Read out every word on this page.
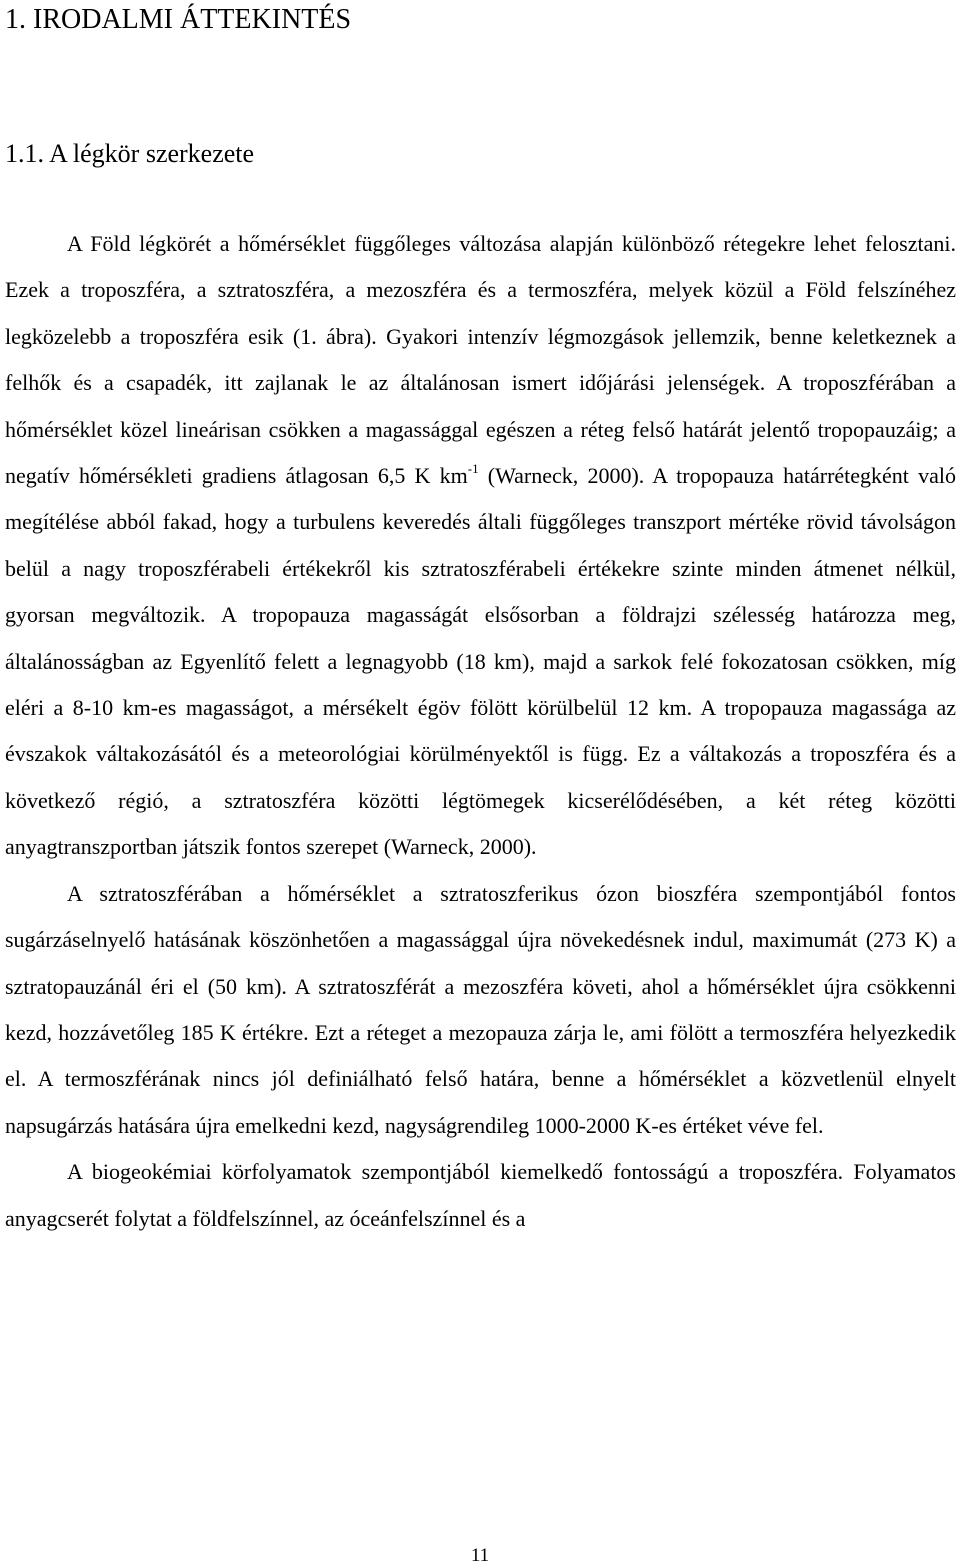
1. IRODALMI ÁTTEKINTÉS
1.1. A légkör szerkezete

A Föld légkörét a hőmérséklet függőleges változása alapján különböző rétegekre lehet felosztani. Ezek a troposzféra, a sztratoszféra, a mezoszféra és a termoszféra, melyek közül a Föld felszínéhez legközelebb a troposzféra esik (1. ábra). Gyakori intenzív légmozgások jellemzik, benne keletkeznek a felhők és a csapadék, itt zajlanak le az általánosan ismert időjárási jelenségek. A troposzférában a hőmérséklet közel lineárisan csökken a magassággal egészen a réteg felső határát jelentő tropopauzáig; a negatív hőmérsékleti gradiens átlagosan 6,5 K $km^{-1}$ (Warneck, 2000). A tropopauza határrétegként való megítélése abból fakad, hogy a turbulens keveredés általi függőleges transzport mértéke rövid távolságon belül a nagy troposzférabeli értékekről kis sztratoszférabeli értékekre szinte minden átmenet nélkül, gyorsan megváltozik. A tropopauza magasságát elsősorban a földrajzi szélesség határozza meg, általánosságban az Egyenlítő felett a legnagyobb (18 km), majd a sarkok felé fokozatosan csökken, míg eléri a 8-10 km-es magasságot, a mérsékelt égöv fölött körülbelül 12 km. A tropopauza magassága az évszakok váltakozásától és a meteorológiai körülményektől is függ. Ez a váltakozás a troposzféra és a következő régió, a sztratoszféra közötti légtömegek kicserélődésében, a két réteg közötti anyagtranszportban játszik fontos szerepet (Warneck, 2000).

A sztratoszférában a hőmérséklet a sztratoszferikus ózon bioszféra szempontjából fontos sugárzáselnyelő hatásának köszönhetően a magassággal újra növekedésnek indul, maximumát (273 K) a sztratopauzánál éri el (50 km). A sztratoszférát a mezoszféra követi, ahol a hőmérséklet újra csökkenni kezd, hozzávetőleg 185 K értékre. Ezt a réteget a mezopauza zárja le, ami fölött a termoszféra helyezkedik el. A termoszférának nincs jól definiálható felső határa, benne a hőmérséklet a közvetlenül elnyelt napsugárzás hatására újra emelkedni kezd, nagyságrendileg 1000-2000 K-es értéket véve fel.

A biogeokémiai körfolyamatok szempontjából kiemelkedő fontosságú a troposzféra. Folyamatos anyagcserét folytat a földfelszínnel, az óceánfelszínnel és a

11
